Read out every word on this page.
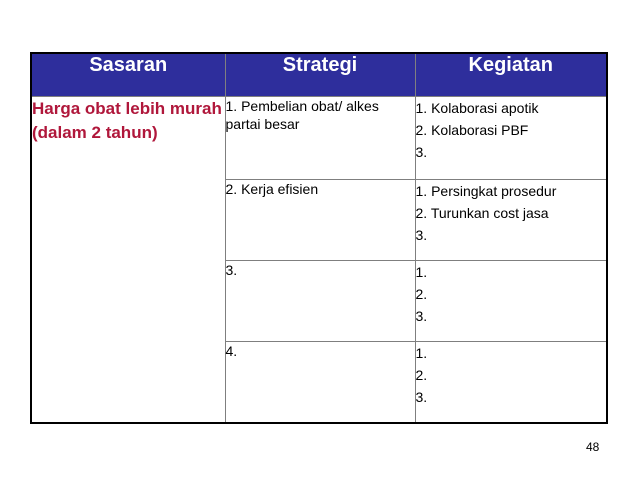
Sasaran	Strategi	Kegiatan
Harga obat lebih murah (dalam 2 tahun)	1. Pembelian obat/ alkes partai besar	1. Kolaborasi apotik
2. Kolaborasi PBF
3.

	2. Kerja efisien	1. Persingkat prosedur
2. Turunkan cost jasa
3.

	3.	1.
2.
3.

	4.	1.
2.
3.
48
